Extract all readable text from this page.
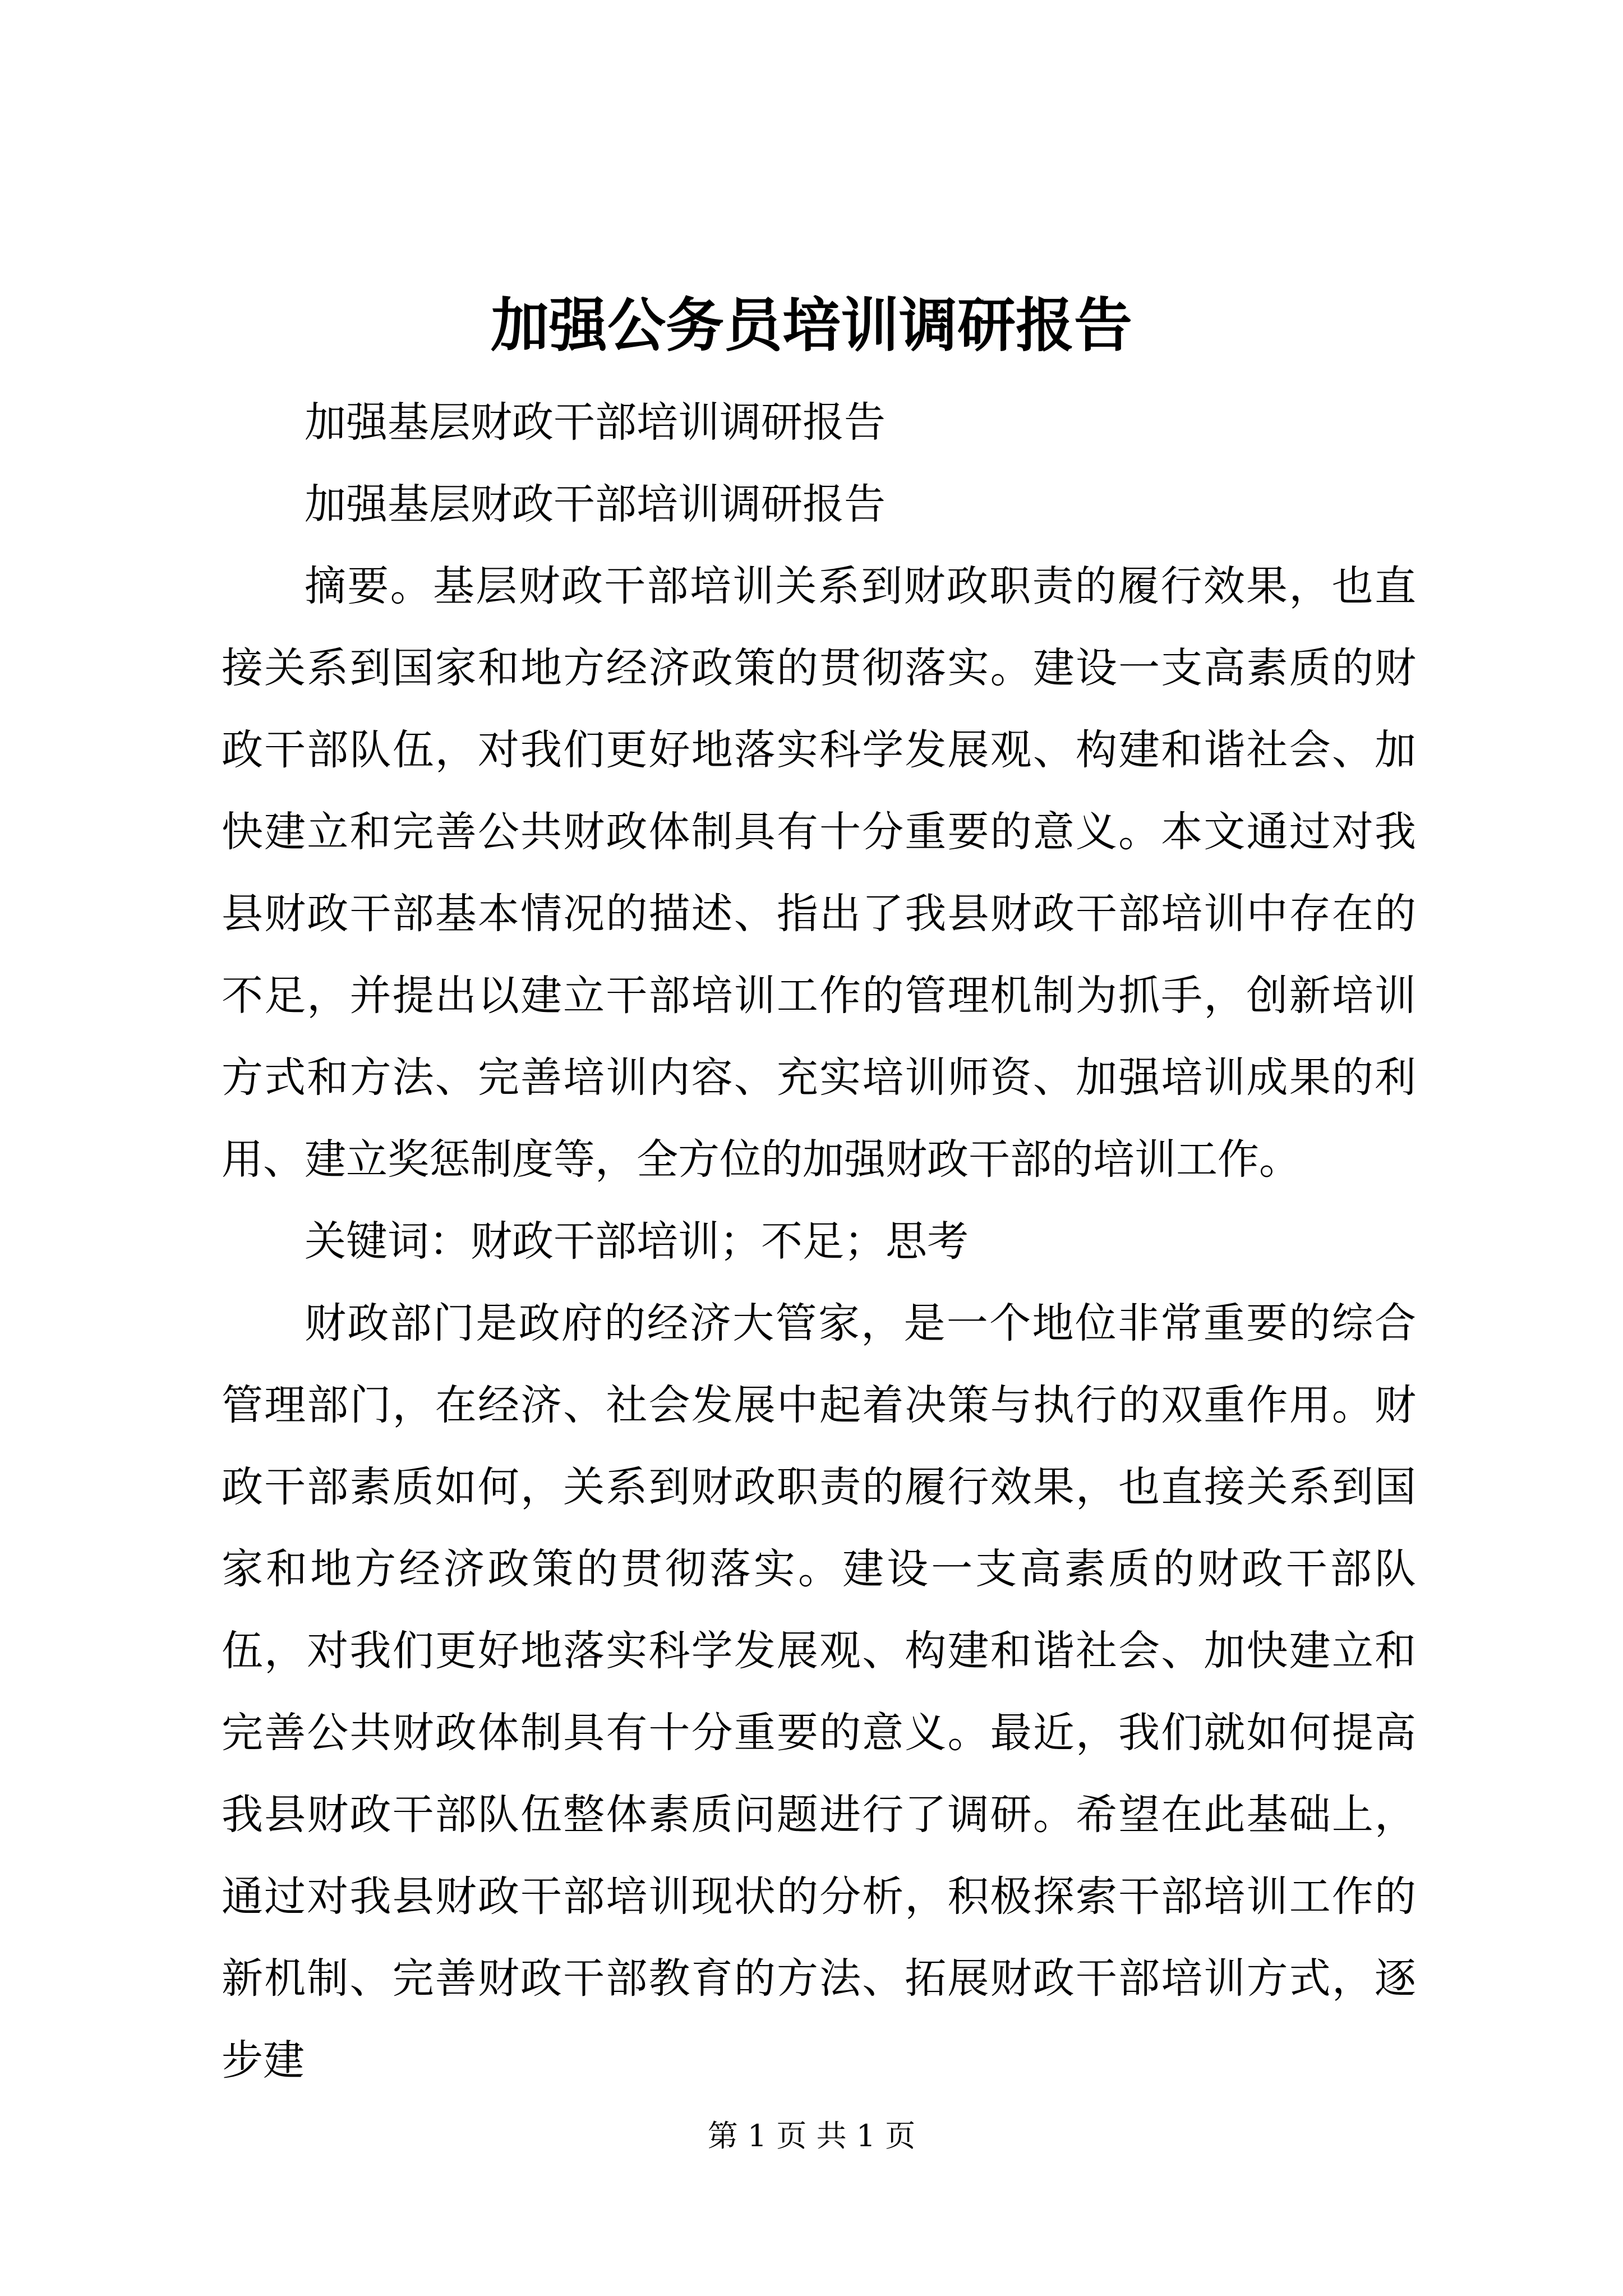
加强公务员培训调研报告

加强基层财政干部培训调研报告

加强基层财政干部培训调研报告

摘要。基层财政干部培训关系到财政职责的履行效果，也直接关系到国家和地方经济政策的贯彻落实。建设一支高素质的财政干部队伍，对我们更好地落实科学发展观、构建和谐社会、加快建立和完善公共财政体制具有十分重要的意义。本文通过对我县财政干部基本情况的描述、指出了我县财政干部培训中存在的不足，并提出以建立干部培训工作的管理机制为抓手，创新培训方式和方法、完善培训内容、充实培训师资、加强培训成果的利用、建立奖惩制度等，全方位的加强财政干部的培训工作。

关键词：财政干部培训；不足；思考

财政部门是政府的经济大管家，是一个地位非常重要的综合管理部门，在经济、社会发展中起着决策与执行的双重作用。财政干部素质如何，关系到财政职责的履行效果，也直接关系到国家和地方经济政策的贯彻落实。建设一支高素质的财政干部队伍，对我们更好地落实科学发展观、构建和谐社会、加快建立和完善公共财政体制具有十分重要的意义。最近，我们就如何提高我县财政干部队伍整体素质问题进行了调研。希望在此基础上，通过对我县财政干部培训现状的分析，积极探索干部培训工作的新机制、完善财政干部教育的方法、拓展财政干部培训方式，逐步建

第 1 页 共 1 页
